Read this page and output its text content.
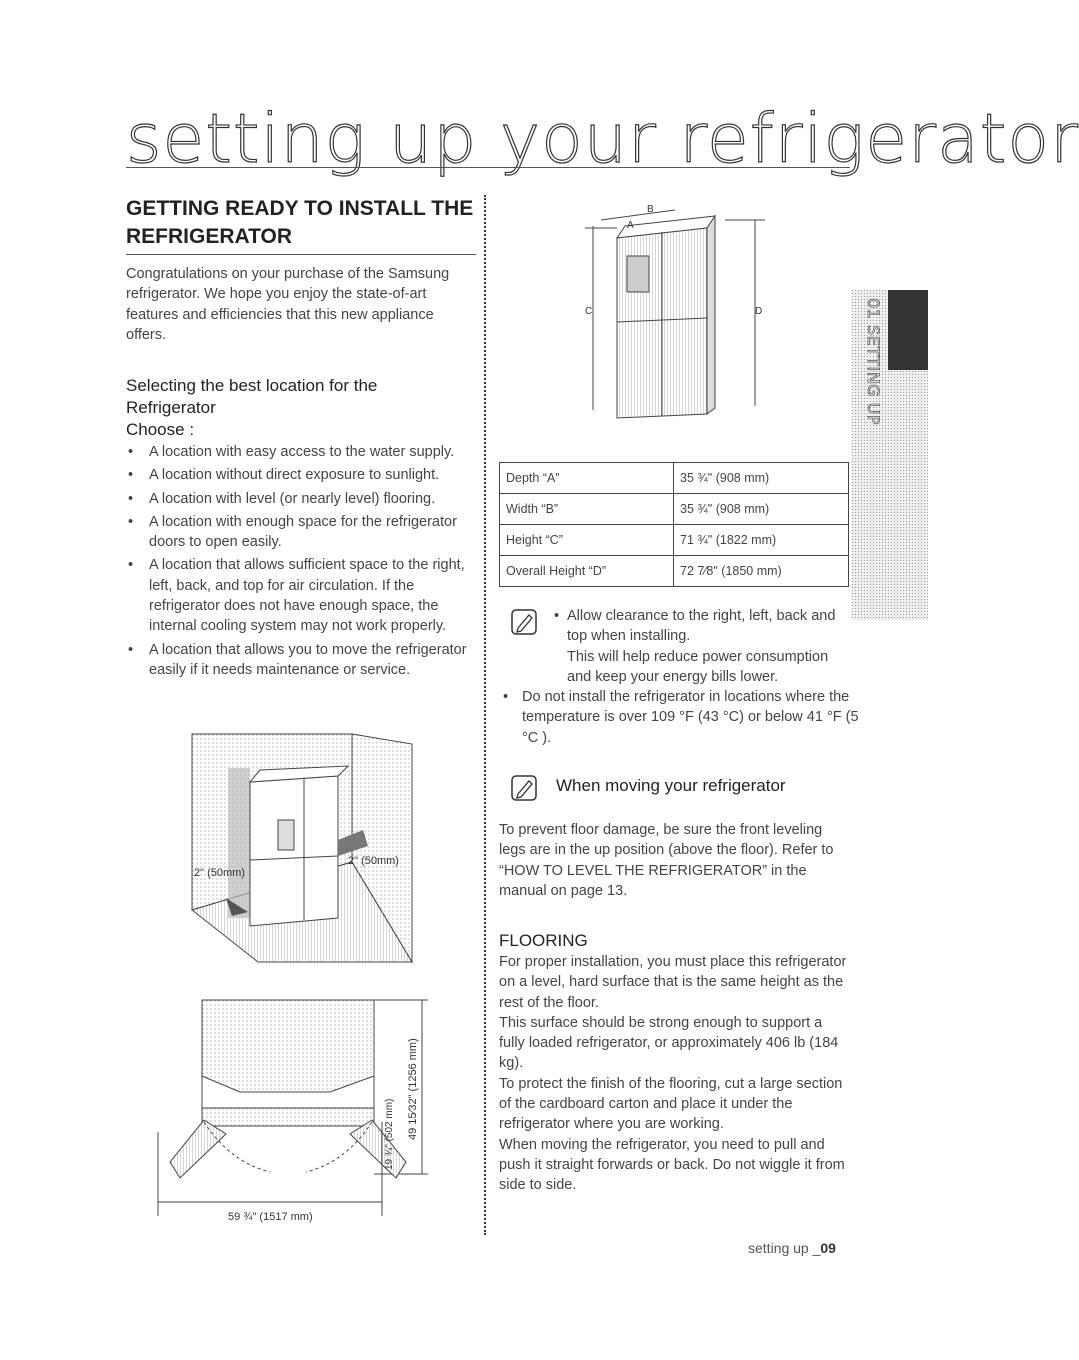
setting up your refrigerator
01 SETTING UP
GETTING READY TO INSTALL THE REFRIGERATOR
Congratulations on your purchase of the Samsung refrigerator. We hope you enjoy the state-of-art features and efficiencies that this new appliance offers.
Selecting the best location for the Refrigerator
Choose :
• A location with easy access to the water supply.
• A location without direct exposure to sunlight.
• A location with level (or nearly level) flooring.
• A location with enough space for the refrigerator doors to open easily.
• A location that allows sufficient space to the right, left, back, and top for air circulation. If the refrigerator does not have enough space, the internal cooling system may not work properly.
• A location that allows you to move the refrigerator easily if it needs maintenance or service.
2" (50mm)
2" (50mm)
59 ¾" (1517 mm)
49 15⁄32" (1256 mm)
19 ¾" (502 mm)
A
B
C	D
Depth “A”	35 ¾" (908 mm)
Width “B”	35 ¾" (908 mm)
Height “C”	71 ¾" (1822 mm)
Overall Height “D”	72 7⁄8" (1850 mm)
• Allow clearance to the right, left, back and top when installing.
This will help reduce power consumption and keep your energy bills lower.
• Do not install the refrigerator in locations where the temperature is over 109 °F (43 °C) or below 41 °F (5 °C ).
When moving your refrigerator
To prevent floor damage, be sure the front leveling legs are in the up position (above the floor). Refer to “HOW TO LEVEL THE REFRIGERATOR” in the manual on page 13.
FLOORING
For proper installation, you must place this refrigerator on a level, hard surface that is the same height as the rest of the floor.
This surface should be strong enough to support a fully loaded refrigerator, or approximately 406 lb (184 kg).
To protect the finish of the flooring, cut a large section of the cardboard carton and place it under the refrigerator where you are working.
When moving the refrigerator, you need to pull and push it straight forwards or back. Do not wiggle it from side to side.
setting up _09
